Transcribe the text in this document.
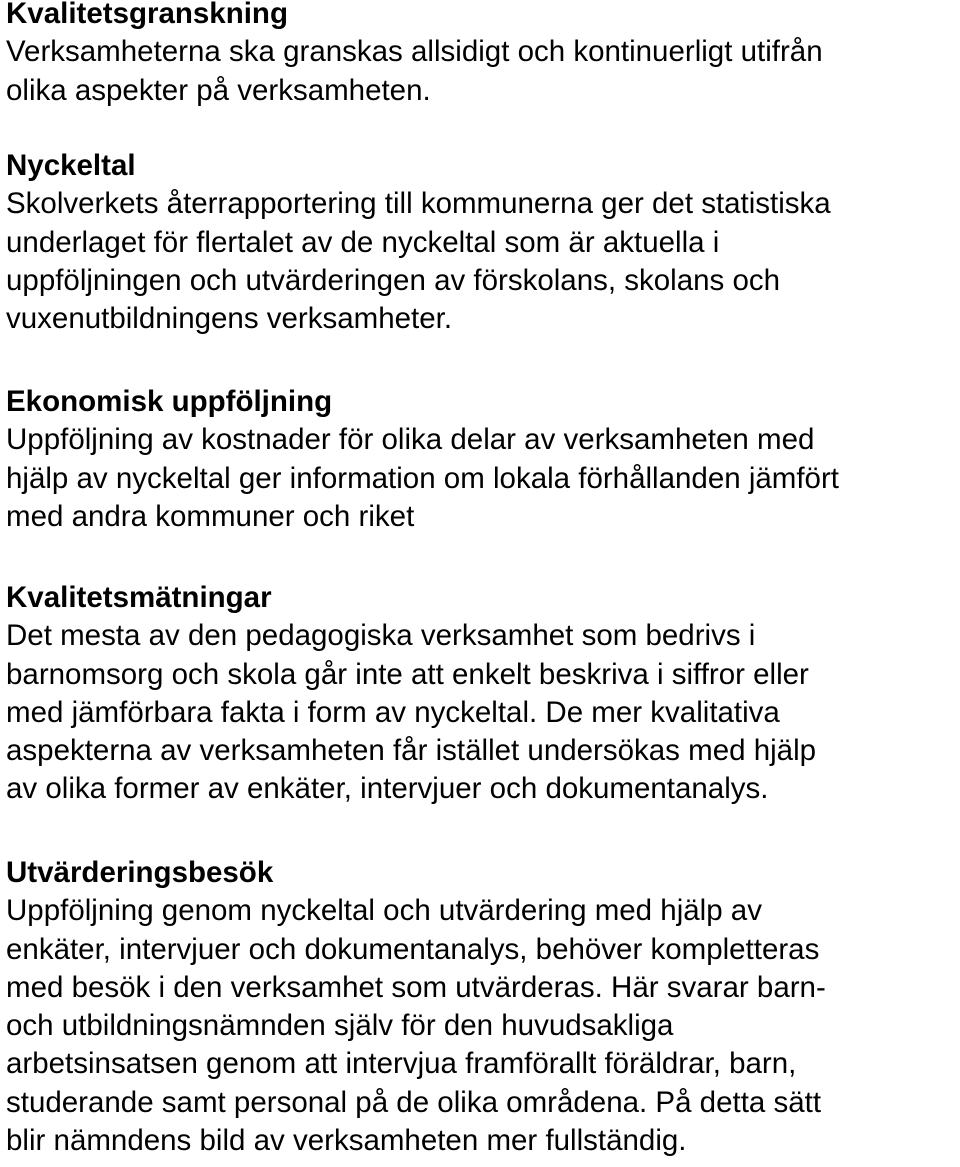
Kvalitetsgranskning
Verksamheterna ska granskas allsidigt och kontinuerligt utifrån
olika aspekter på verksamheten.
Nyckeltal
Skolverkets återrapportering till kommunerna ger det statistiska
underlaget för flertalet av de nyckeltal som är aktuella i
uppföljningen och utvärderingen av förskolans, skolans och
vuxenutbildningens verksamheter.
Ekonomisk uppföljning
Uppföljning av kostnader för olika delar av verksamheten med
hjälp av nyckeltal ger information om lokala förhållanden jämfört
med andra kommuner och riket
Kvalitetsmätningar
Det mesta av den pedagogiska verksamhet som bedrivs i
barnomsorg och skola går inte att enkelt beskriva i siffror eller
med jämförbara fakta i form av nyckeltal. De mer kvalitativa
aspekterna av verksamheten får istället undersökas med hjälp
av olika former av enkäter, intervjuer och dokumentanalys.
Utvärderingsbesök
Uppföljning genom nyckeltal och utvärdering med hjälp av
enkäter, intervjuer och dokumentanalys, behöver kompletteras
med besök i den verksamhet som utvärderas. Här svarar barn-
och utbildningsnämnden själv för den huvudsakliga
arbetsinsatsen genom att intervjua framförallt föräldrar, barn,
studerande samt personal på de olika områdena. På detta sätt
blir nämndens bild av verksamheten mer fullständig.
